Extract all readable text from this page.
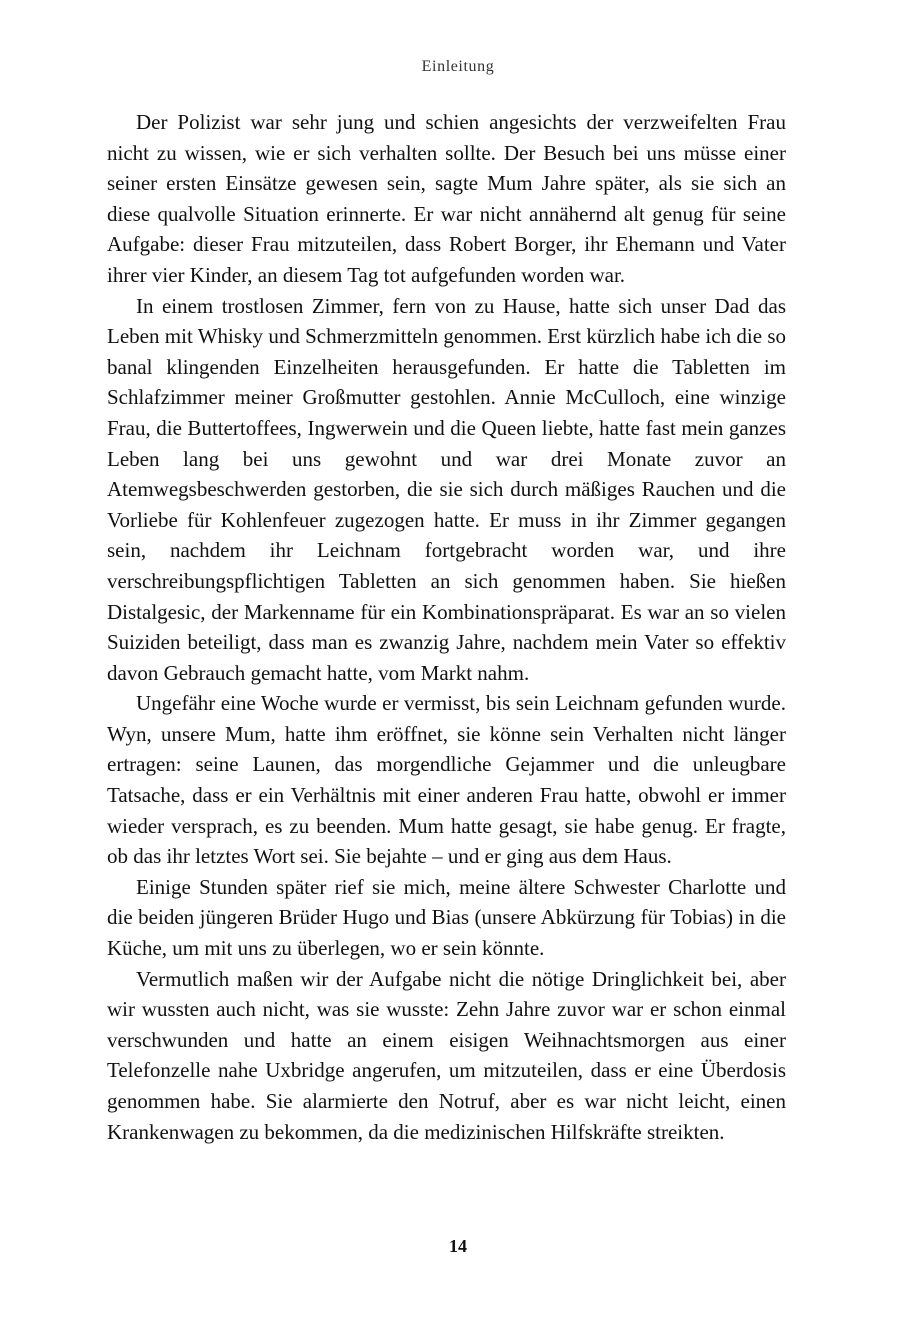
Einleitung

Der Polizist war sehr jung und schien angesichts der verzweifelten Frau nicht zu wissen, wie er sich verhalten sollte. Der Besuch bei uns müsse einer seiner ersten Einsätze gewesen sein, sagte Mum Jahre später, als sie sich an diese qualvolle Situation erinnerte. Er war nicht annähernd alt genug für seine Aufgabe: dieser Frau mitzuteilen, dass Robert Borger, ihr Ehemann und Vater ihrer vier Kinder, an diesem Tag tot aufgefunden worden war.

In einem trostlosen Zimmer, fern von zu Hause, hatte sich unser Dad das Leben mit Whisky und Schmerzmitteln genommen. Erst kürzlich habe ich die so banal klingenden Einzelheiten herausgefunden. Er hatte die Tabletten im Schlafzimmer meiner Großmutter gestohlen. Annie McCulloch, eine winzige Frau, die Buttertoffees, Ingwerwein und die Queen liebte, hatte fast mein ganzes Leben lang bei uns gewohnt und war drei Monate zuvor an Atemwegsbeschwerden gestorben, die sie sich durch mäßiges Rauchen und die Vorliebe für Kohlenfeuer zugezogen hatte. Er muss in ihr Zimmer gegangen sein, nachdem ihr Leichnam fortgebracht worden war, und ihre verschreibungspflichtigen Tabletten an sich genommen haben. Sie hießen Distalgesic, der Markenname für ein Kombinationspräparat. Es war an so vielen Suiziden beteiligt, dass man es zwanzig Jahre, nachdem mein Vater so effektiv davon Gebrauch gemacht hatte, vom Markt nahm.

Ungefähr eine Woche wurde er vermisst, bis sein Leichnam gefunden wurde. Wyn, unsere Mum, hatte ihm eröffnet, sie könne sein Verhalten nicht länger ertragen: seine Launen, das morgendliche Gejammer und die unleugbare Tatsache, dass er ein Verhältnis mit einer anderen Frau hatte, obwohl er immer wieder versprach, es zu beenden. Mum hatte gesagt, sie habe genug. Er fragte, ob das ihr letztes Wort sei. Sie bejahte – und er ging aus dem Haus.

Einige Stunden später rief sie mich, meine ältere Schwester Charlotte und die beiden jüngeren Brüder Hugo und Bias (unsere Abkürzung für Tobias) in die Küche, um mit uns zu überlegen, wo er sein könnte.

Vermutlich maßen wir der Aufgabe nicht die nötige Dringlichkeit bei, aber wir wussten auch nicht, was sie wusste: Zehn Jahre zuvor war er schon einmal verschwunden und hatte an einem eisigen Weihnachtsmorgen aus einer Telefonzelle nahe Uxbridge angerufen, um mitzuteilen, dass er eine Überdosis genommen habe. Sie alarmierte den Notruf, aber es war nicht leicht, einen Krankenwagen zu bekommen, da die medizinischen Hilfskräfte streikten.

14
